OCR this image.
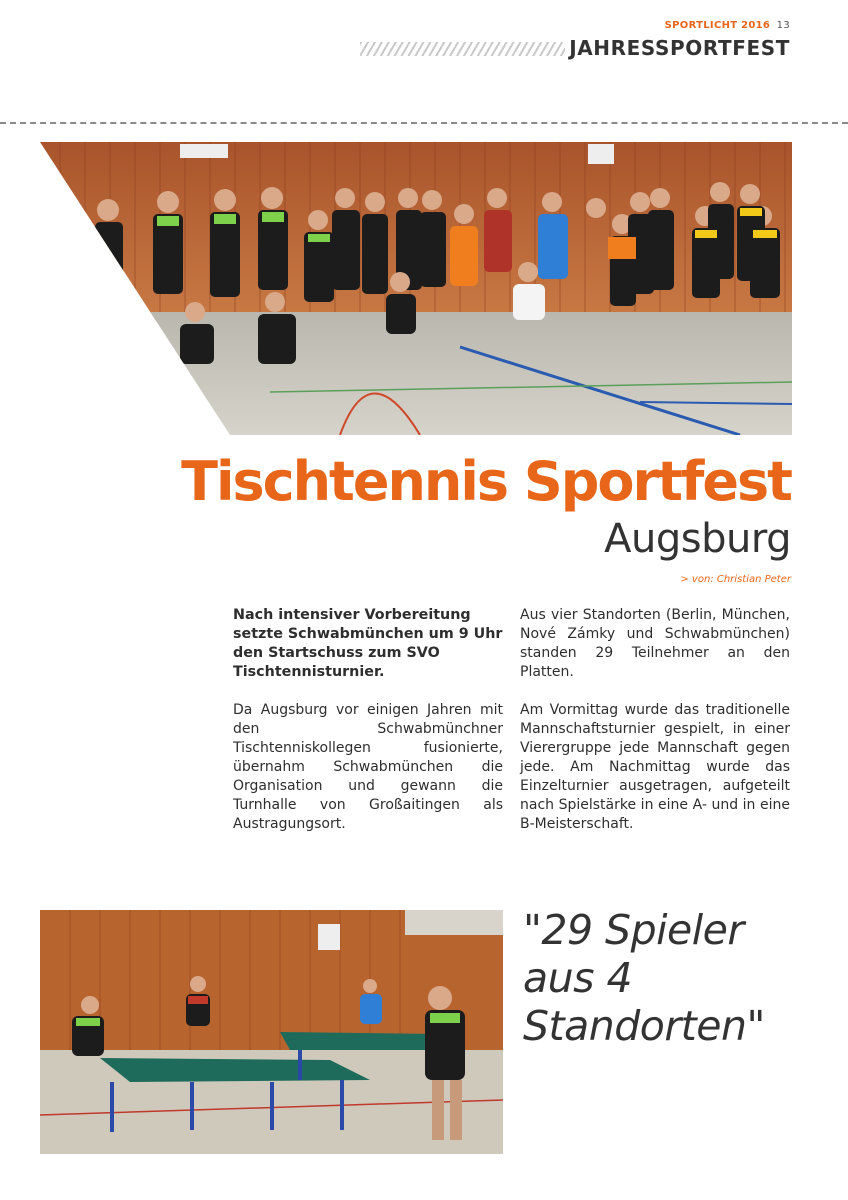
SPORTLICHT 2016 13
JAHRESSPORTFEST
Tischtennis Sportfest
Augsburg
> von: Christian Peter

Nach intensiver Vorbereitung setzte Schwabmünchen um 9 Uhr den Startschuss zum SVO Tischtennisturnier.

Da Augsburg vor einigen Jahren mit den Schwabmünchner Tischtenniskollegen fusionierte, übernahm Schwabmünchen die Organisation und gewann die Turnhalle von Großaitingen als Austragungsort.

Aus vier Standorten (Berlin, München, Nové Zámky und Schwabmünchen) standen 29 Teilnehmer an den Platten.

Am Vormittag wurde das traditionelle Mannschaftsturnier gespielt, in einer Vierergruppe jede Mannschaft gegen jede. Am Nachmittag wurde das Einzelturnier ausgetragen, aufgeteilt nach Spielstärke in eine A- und in eine B-Meisterschaft.

"29 Spieler aus 4 Standorten"
